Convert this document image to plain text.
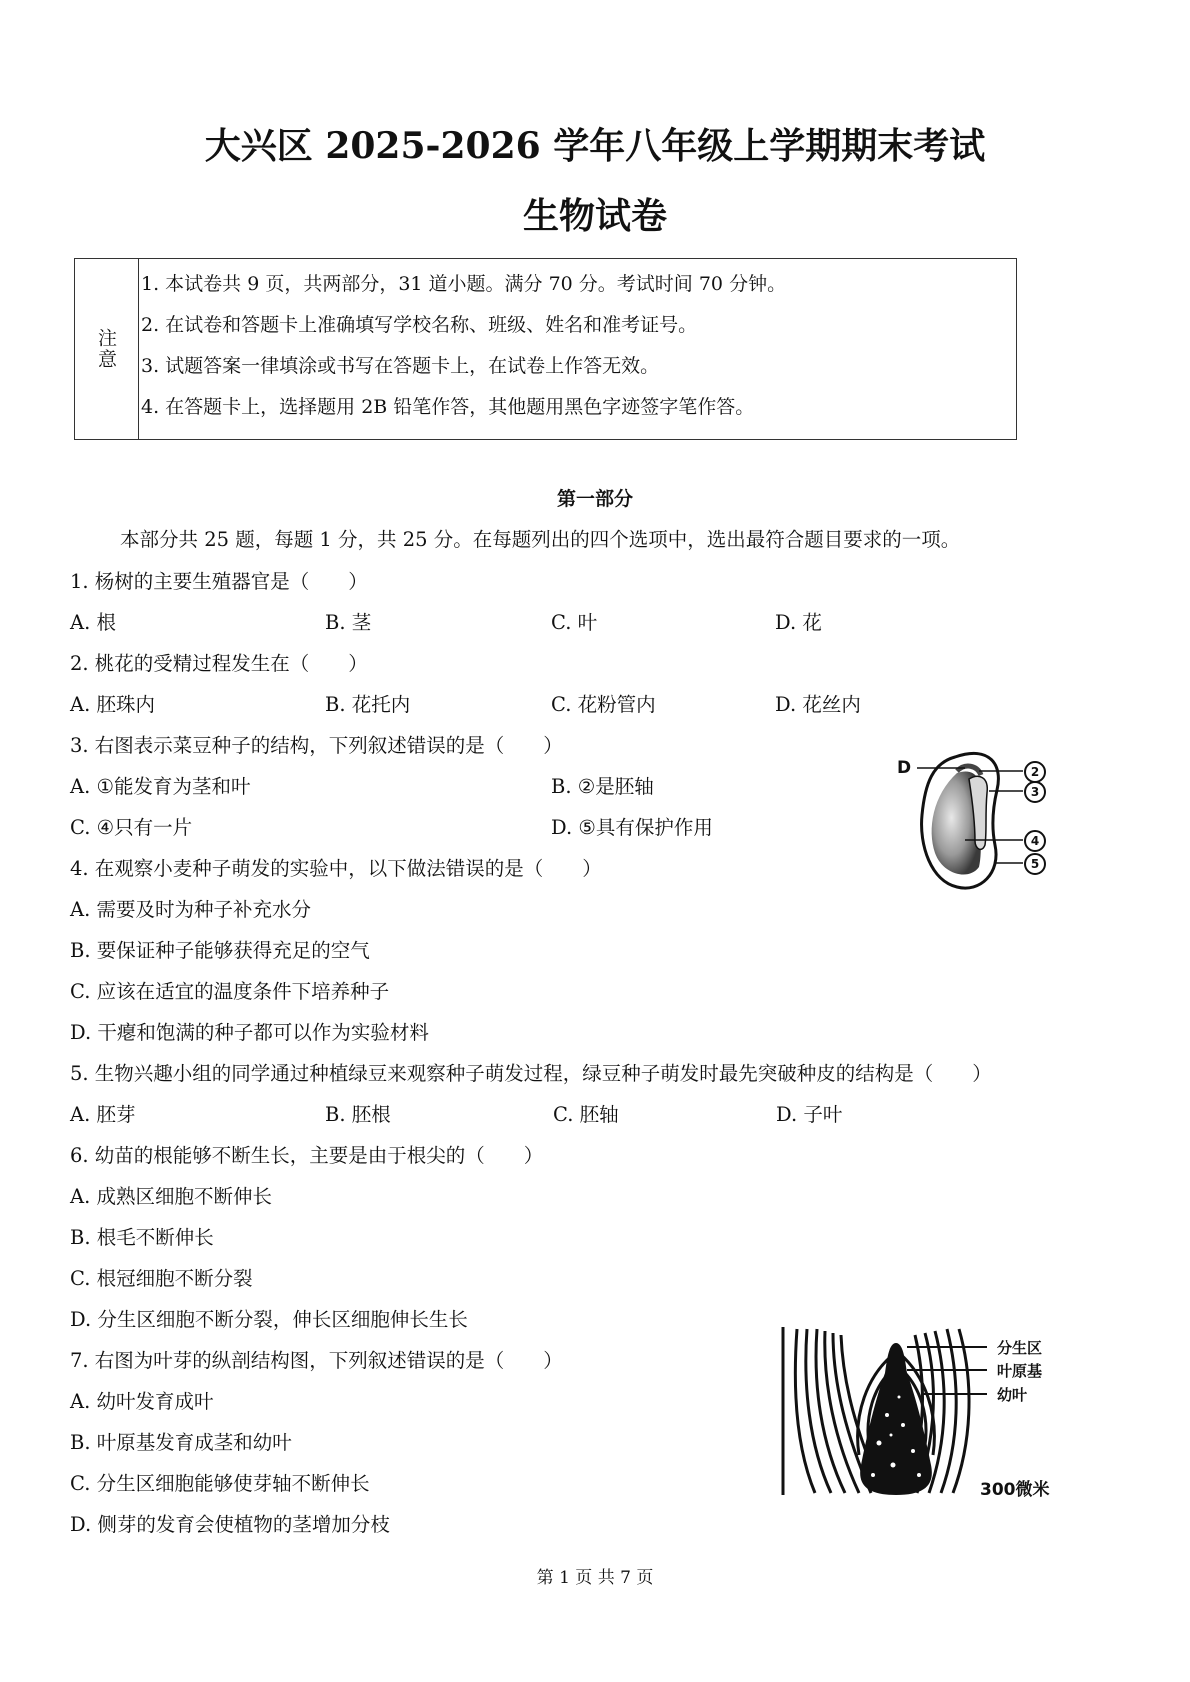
大兴区 2025-2026 学年八年级上学期期末考试
生物试卷
注意
1. 本试卷共 9 页，共两部分，31 道小题。满分 70 分。考试时间 70 分钟。
2. 在试卷和答题卡上准确填写学校名称、班级、姓名和准考证号。
3. 试题答案一律填涂或书写在答题卡上，在试卷上作答无效。
4. 在答题卡上，选择题用 2B 铅笔作答，其他题用黑色字迹签字笔作答。
第一部分
本部分共 25 题，每题 1 分，共 25 分。在每题列出的四个选项中，选出最符合题目要求的一项。
1. 杨树的主要生殖器官是（　　）
A. 根	B. 茎	C. 叶	D. 花
2. 桃花的受精过程发生在（　　）
A. 胚珠内	B. 花托内	C. 花粉管内	D. 花丝内
3. 右图表示菜豆种子的结构，下列叙述错误的是（　　）
A. ①能发育为茎和叶	B. ②是胚轴
C. ④只有一片	D. ⑤具有保护作用
D	2
3
4
5
4. 在观察小麦种子萌发的实验中，以下做法错误的是（　　）
A. 需要及时为种子补充水分
B. 要保证种子能够获得充足的空气
C. 应该在适宜的温度条件下培养种子
D. 干瘪和饱满的种子都可以作为实验材料
5. 生物兴趣小组的同学通过种植绿豆来观察种子萌发过程，绿豆种子萌发时最先突破种皮的结构是（　　）
A. 胚芽	B. 胚根	C. 胚轴	D. 子叶
6. 幼苗的根能够不断生长，主要是由于根尖的（　　）
A. 成熟区细胞不断伸长
B. 根毛不断伸长
C. 根冠细胞不断分裂
D. 分生区细胞不断分裂，伸长区细胞伸长生长
7. 右图为叶芽的纵剖结构图，下列叙述错误的是（　　）
A. 幼叶发育成叶
B. 叶原基发育成茎和幼叶
C. 分生区细胞能够使芽轴不断伸长
D. 侧芽的发育会使植物的茎增加分枝
分生区
叶原基
幼叶
300微米
第 1 页 共 7 页
